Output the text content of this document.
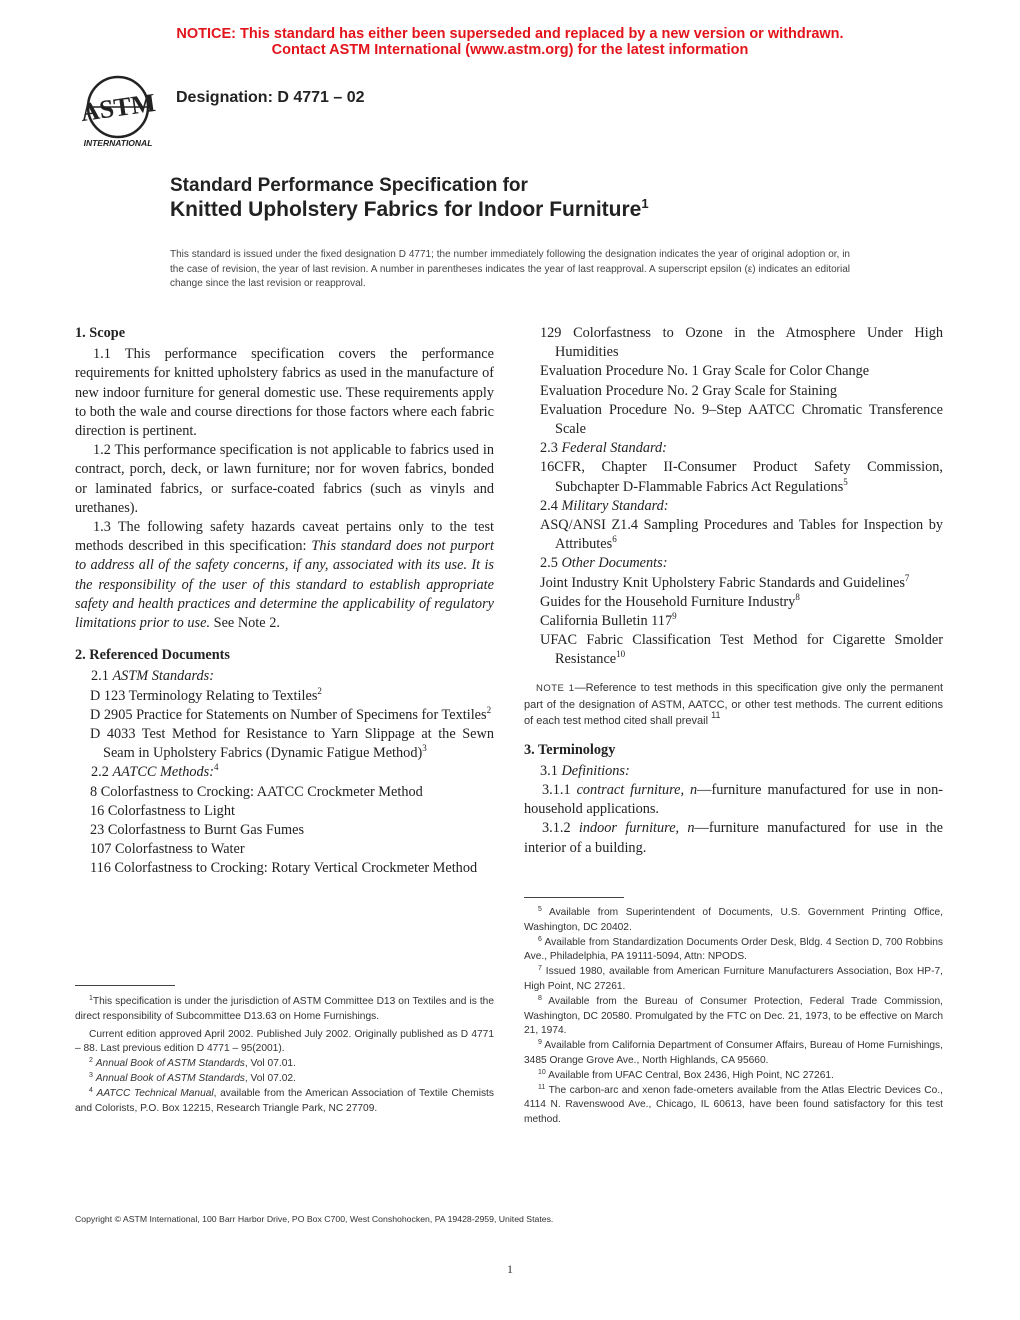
NOTICE: This standard has either been superseded and replaced by a new version or withdrawn.
Contact ASTM International (www.astm.org) for the latest information
ASTM
INTERNATIONAL
Designation: D 4771 – 02
Standard Performance Specification for
Knitted Upholstery Fabrics for Indoor Furniture$^1$
This standard is issued under the fixed designation D 4771; the number immediately following the designation indicates the year of original adoption or, in the case of revision, the year of last revision. A number in parentheses indicates the year of last reapproval. A superscript epsilon (ε) indicates an editorial change since the last revision or reapproval.
1. Scope
1.1 This performance specification covers the performance requirements for knitted upholstery fabrics as used in the manufacture of new indoor furniture for general domestic use. These requirements apply to both the wale and course directions for those factors where each fabric direction is pertinent.
1.2 This performance specification is not applicable to fabrics used in contract, porch, deck, or lawn furniture; nor for woven fabrics, bonded or laminated fabrics, or surface-coated fabrics (such as vinyls and urethanes).
1.3 The following safety hazards caveat pertains only to the test methods described in this specification: This standard does not purport to address all of the safety concerns, if any, associated with its use. It is the responsibility of the user of this standard to establish appropriate safety and health practices and determine the applicability of regulatory limitations prior to use. See Note 2.
2. Referenced Documents
2.1 ASTM Standards:
D 123 Terminology Relating to Textiles$^2$
D 2905 Practice for Statements on Number of Specimens for Textiles$^2$
D 4033 Test Method for Resistance to Yarn Slippage at the Sewn Seam in Upholstery Fabrics (Dynamic Fatigue Method)$^3$
2.2 AATCC Methods:$^4$
8 Colorfastness to Crocking: AATCC Crockmeter Method
16 Colorfastness to Light
23 Colorfastness to Burnt Gas Fumes
107 Colorfastness to Water
116 Colorfastness to Crocking: Rotary Vertical Crockmeter Method
129 Colorfastness to Ozone in the Atmosphere Under High Humidities
Evaluation Procedure No. 1 Gray Scale for Color Change
Evaluation Procedure No. 2 Gray Scale for Staining
Evaluation Procedure No. 9–Step AATCC Chromatic Transference Scale
2.3 Federal Standard:
16CFR, Chapter II-Consumer Product Safety Commission, Subchapter D-Flammable Fabrics Act Regulations$^5$
2.4 Military Standard:
ASQ/ANSI Z1.4 Sampling Procedures and Tables for Inspection by Attributes$^6$
2.5 Other Documents:
Joint Industry Knit Upholstery Fabric Standards and Guidelines$^7$
Guides for the Household Furniture Industry$^8$
California Bulletin $117^9$
UFAC Fabric Classification Test Method for Cigarette Smolder Resistance$^{10}$
NOTE 1—Reference to test methods in this specification give only the permanent part of the designation of ASTM, AATCC, or other test methods. The current editions of each test method cited shall prevail $^{11}$
3. Terminology
3.1 Definitions:
3.1.1 contract furniture, n—furniture manufactured for use in non-household applications.
3.1.2 indoor furniture, n—furniture manufactured for use in the interior of a building.
$^1$This specification is under the jurisdiction of ASTM Committee D13 on Textiles and is the direct responsibility of Subcommittee D13.63 on Home Furnishings.
Current edition approved April 2002. Published July 2002. Originally published as D 4771 – 88. Last previous edition D 4771 – 95(2001).
$^2$ Annual Book of ASTM Standards, Vol 07.01.
$^3$ Annual Book of ASTM Standards, Vol 07.02.
$^4$ AATCC Technical Manual, available from the American Association of Textile Chemists and Colorists, P.O. Box 12215, Research Triangle Park, NC 27709.
$^5$ Available from Superintendent of Documents, U.S. Government Printing Office, Washington, DC 20402.
$^6$ Available from Standardization Documents Order Desk, Bldg. 4 Section D, 700 Robbins Ave., Philadelphia, PA 19111-5094, Attn: NPODS.
$^7$ Issued 1980, available from American Furniture Manufacturers Association, Box HP-7, High Point, NC 27261.
$^8$ Available from the Bureau of Consumer Protection, Federal Trade Commission, Washington, DC 20580. Promulgated by the FTC on Dec. 21, 1973, to be effective on March 21, 1974.
$^9$ Available from California Department of Consumer Affairs, Bureau of Home Furnishings, 3485 Orange Grove Ave., North Highlands, CA 95660.
$^{10}$ Available from UFAC Central, Box 2436, High Point, NC 27261.
$^{11}$ The carbon-arc and xenon fade-ometers available from the Atlas Electric Devices Co., 4114 N. Ravenswood Ave., Chicago, IL 60613, have been found satisfactory for this test method.
Copyright © ASTM International, 100 Barr Harbor Drive, PO Box C700, West Conshohocken, PA 19428-2959, United States.
1
